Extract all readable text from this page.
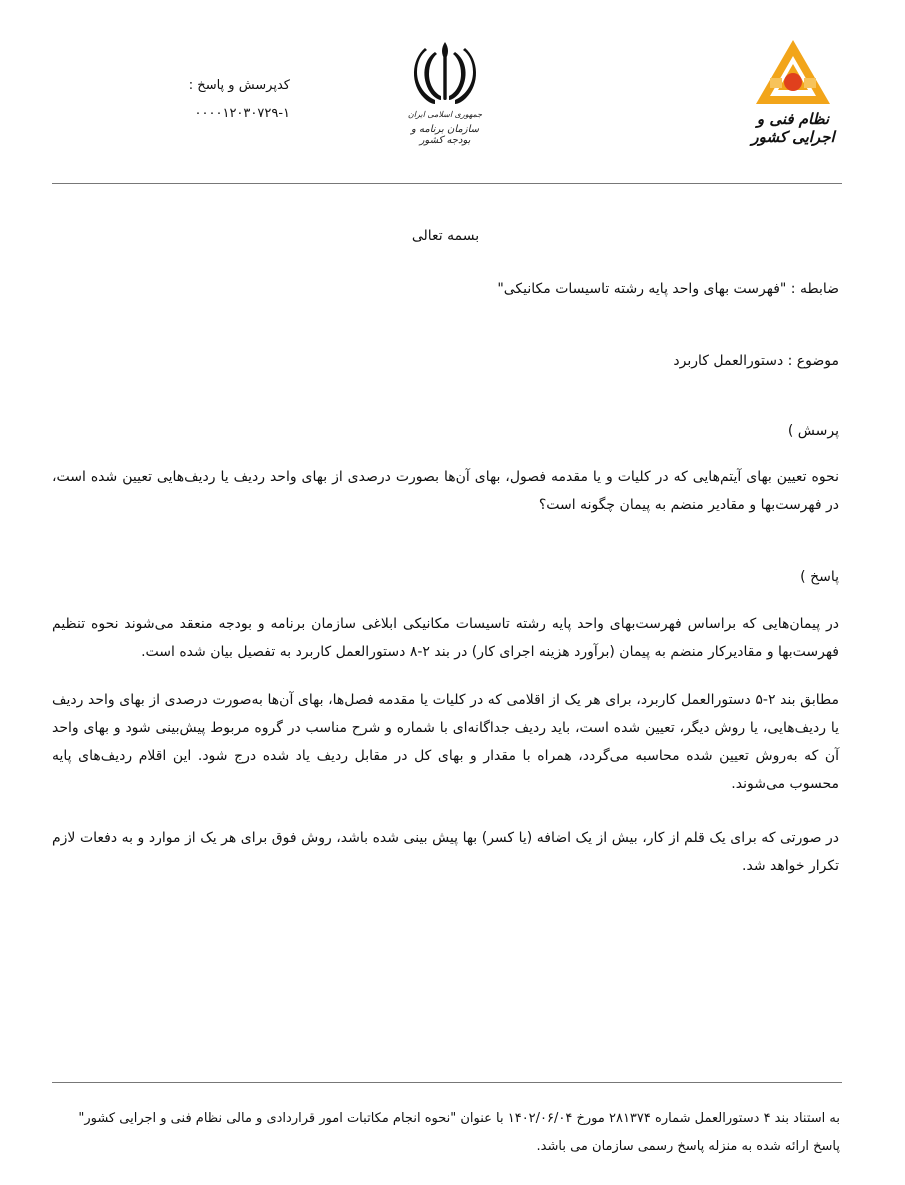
کدپرسش و پاسخ :
۰۰۰۰۱۲۰۳۰۷۲۹-۱	جمهوری اسلامی ایران
سازمان برنامه و بودجه کشور
نظام فنی و اجرایی کشور
بسمه تعالی
ضابطه : "فهرست بهای واحد پایه رشته تاسیسات مکانیکی"
موضوع : دستورالعمل کاربرد
پرسش )
نحوه تعیین بهای آیتم‌هایی که در کلیات و یا مقدمه فصول، بهای آن‌ها بصورت درصدی از بهای واحد ردیف یا ردیف‌هایی تعیین شده است، در فهرست‌بها و مقادیر منضم به پیمان چگونه است؟
پاسخ )
در پیمان‌هایی که براساس فهرست‌بهای واحد پایه رشته تاسیسات مکانیکی ابلاغی سازمان برنامه و بودجه منعقد می‌شوند نحوه تنظیم فهرست‌بها و مقادیرکار منضم به پیمان (برآورد هزینه اجرای کار) در بند ۲-۸ دستورالعمل کاربرد به تفصیل بیان شده است.
مطابق بند ۲-۵ دستورالعمل کاربرد، برای هر یک از اقلامی که در کلیات یا مقدمه فصل‌ها، بهای آن‌ها به‌صورت درصدی از بهای واحد ردیف یا ردیف‌هایی، یا روش دیگر، تعیین شده است، باید ردیف جداگانه‌ای با شماره و شرح مناسب در گروه مربوط پیش‌بینی شود و بهای واحد آن که به‌روش تعیین شده محاسبه می‌گردد، همراه با مقدار و بهای کل در مقابل ردیف یاد شده درج شود. این اقلام ردیف‌های پایه محسوب می‌شوند.
در صورتی که برای یک قلم از کار، بیش از یک اضافه (یا کسر) بها پیش بینی شده باشد، روش فوق برای هر یک از موارد و به دفعات لازم تکرار خواهد شد.
به استناد بند ۴ دستورالعمل شماره ۲۸۱۳۷۴ مورخ ۱۴۰۲/۰۶/۰۴ با عنوان "نحوه انجام مکاتبات امور قراردادی و مالی نظام فنی و اجرایی کشور" پاسخ ارائه شده به منزله پاسخ رسمی سازمان می باشد.
